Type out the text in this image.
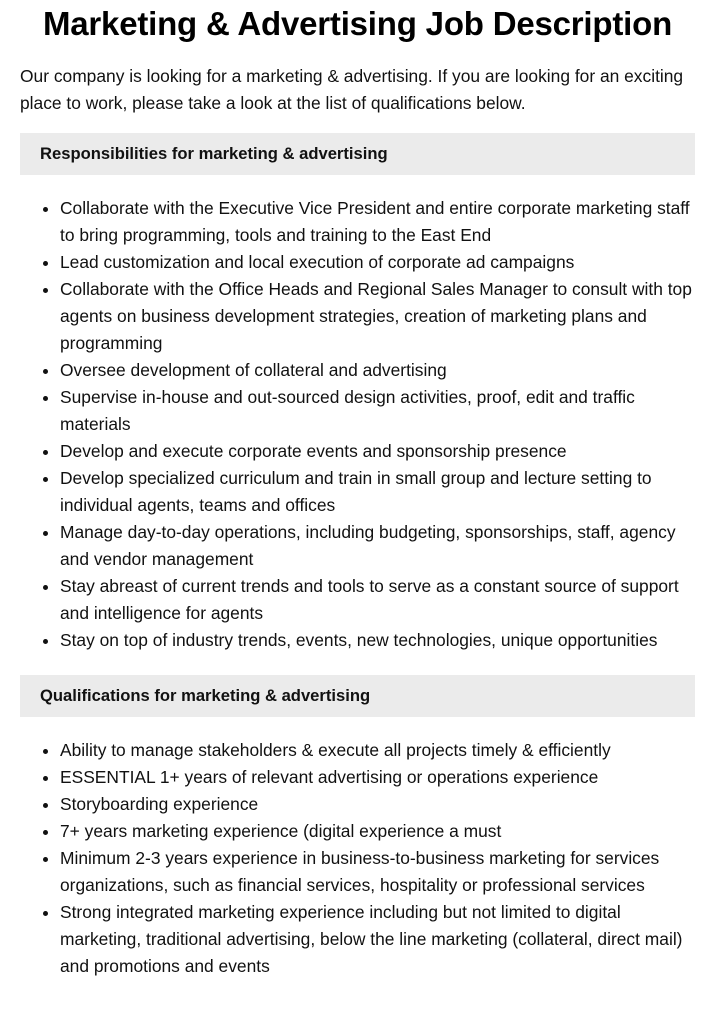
Marketing & Advertising Job Description

Our company is looking for a marketing & advertising. If you are looking for an exciting place to work, please take a look at the list of qualifications below.

Responsibilities for marketing & advertising
• Collaborate with the Executive Vice President and entire corporate marketing staff to bring programming, tools and training to the East End
• Lead customization and local execution of corporate ad campaigns
• Collaborate with the Office Heads and Regional Sales Manager to consult with top agents on business development strategies, creation of marketing plans and programming
• Oversee development of collateral and advertising
• Supervise in-house and out-sourced design activities, proof, edit and traffic materials
• Develop and execute corporate events and sponsorship presence
• Develop specialized curriculum and train in small group and lecture setting to individual agents, teams and offices
• Manage day-to-day operations, including budgeting, sponsorships, staff, agency and vendor management
• Stay abreast of current trends and tools to serve as a constant source of support and intelligence for agents
• Stay on top of industry trends, events, new technologies, unique opportunities
Qualifications for marketing & advertising
• Ability to manage stakeholders & execute all projects timely & efficiently
• ESSENTIAL 1+ years of relevant advertising or operations experience
• Storyboarding experience
• 7+ years marketing experience (digital experience a must
• Minimum 2-3 years experience in business-to-business marketing for services organizations, such as financial services, hospitality or professional services
• Strong integrated marketing experience including but not limited to digital marketing, traditional advertising, below the line marketing (collateral, direct mail) and promotions and events
